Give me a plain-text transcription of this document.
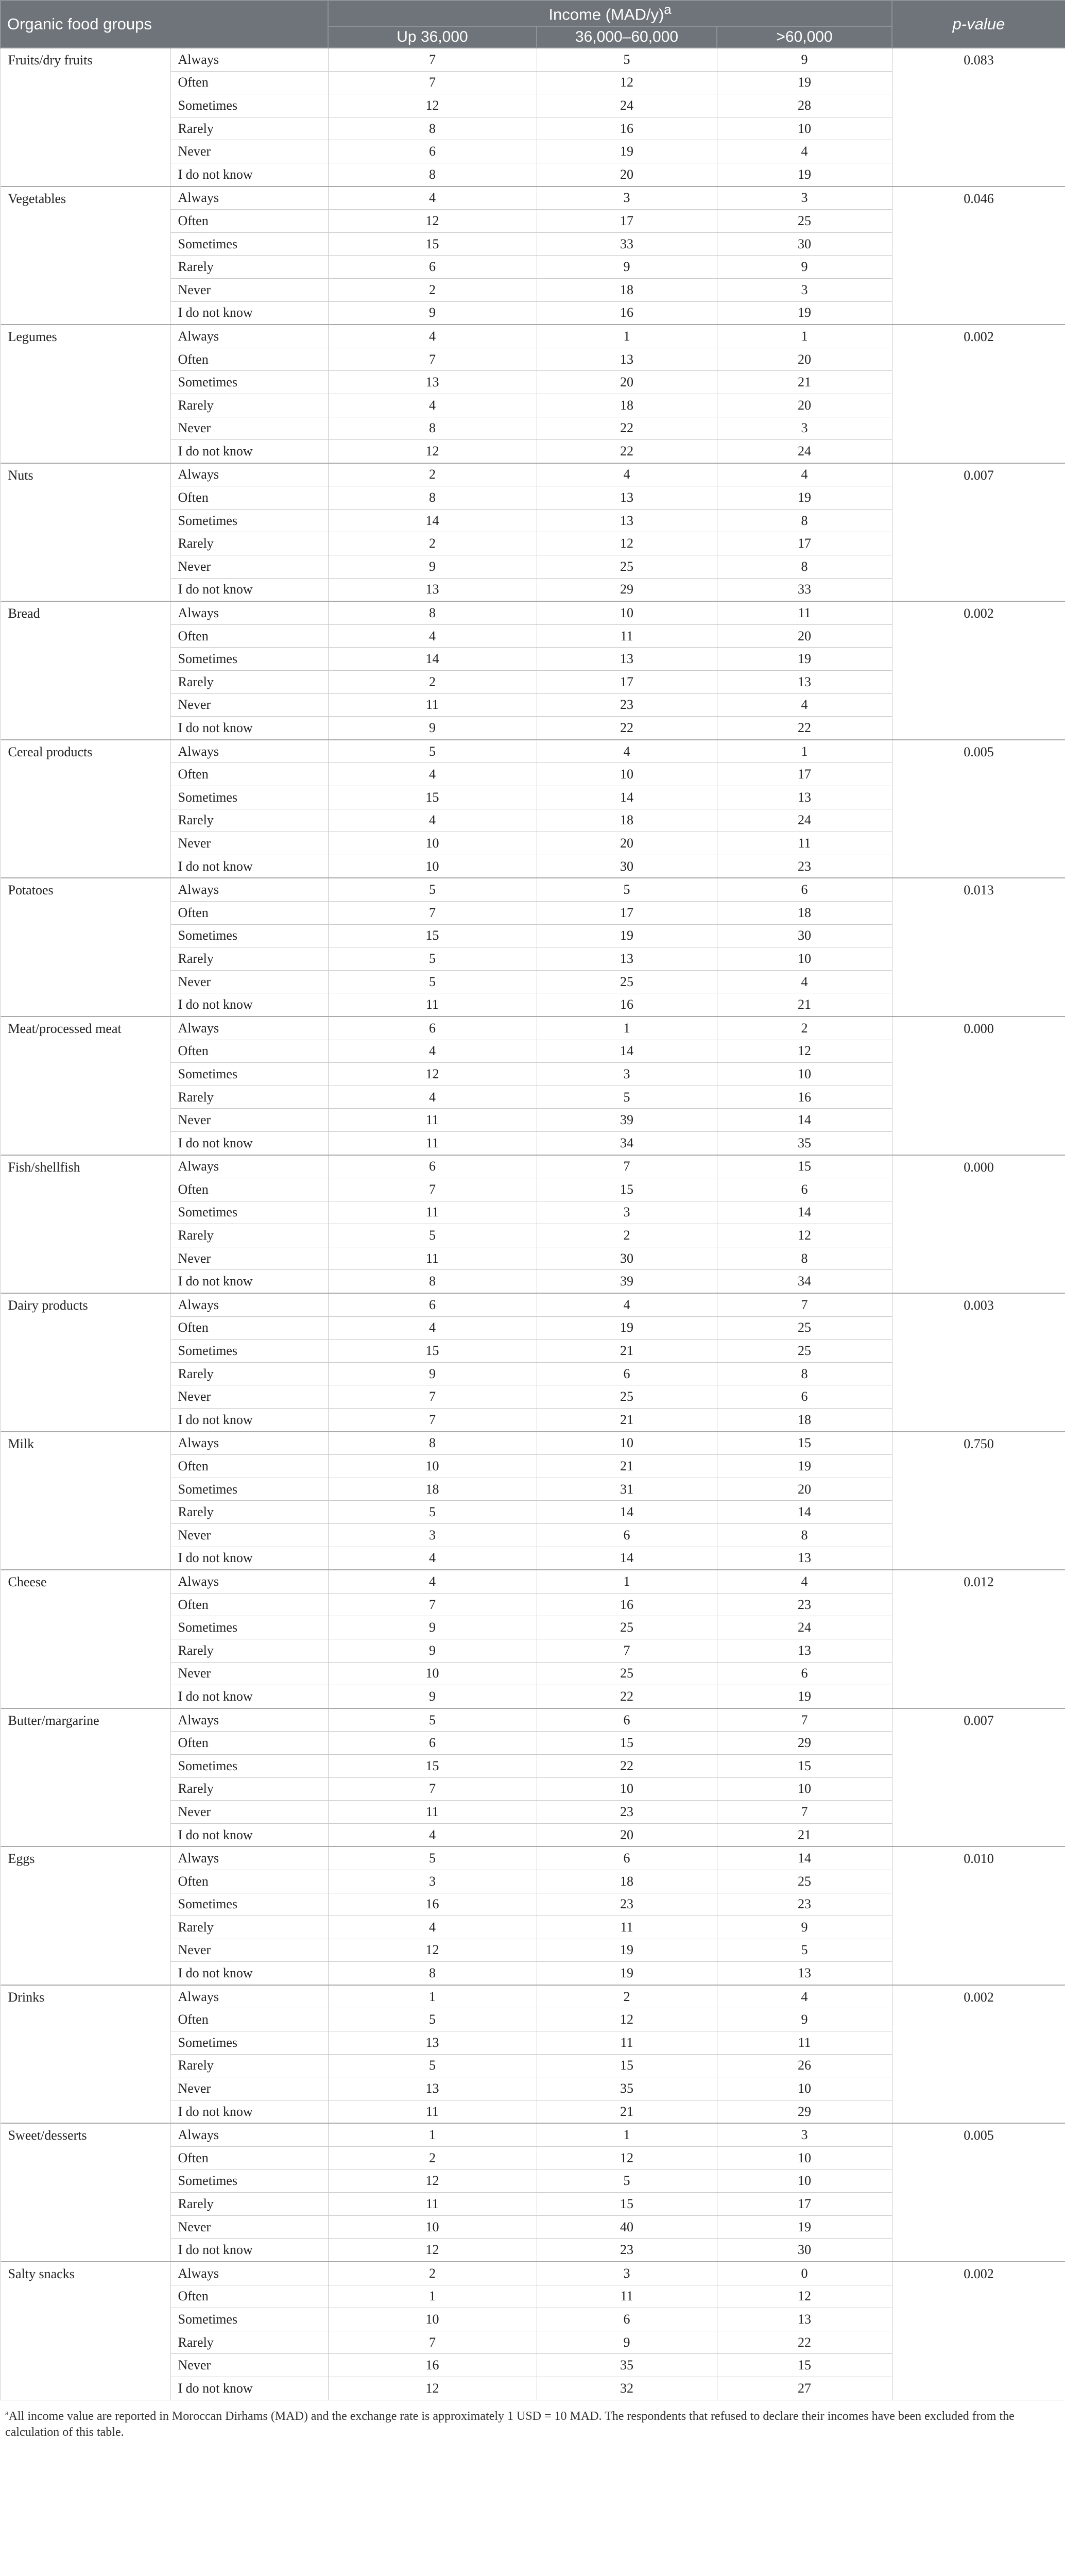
Organic food groups		Income $(MAD/y)^a$			p-value
		Up 36,000	36,000–60,000	>60,000	
Fruits/dry fruits	Always	7	5	9	0.083
	Often	7	12	19	
	Sometimes	12	24	28	
	Rarely	8	16	10	
	Never	6	19	4	
	I do not know	8	20	19	
Vegetables	Always	4	3	3	0.046
	Often	12	17	25	
	Sometimes	15	33	30	
	Rarely	6	9	9	
	Never	2	18	3	
	I do not know	9	16	19	
Legumes	Always	4	1	1	0.002
	Often	7	13	20	
	Sometimes	13	20	21	
	Rarely	4	18	20	
	Never	8	22	3	
	I do not know	12	22	24	
Nuts	Always	2	4	4	0.007
	Often	8	13	19	
	Sometimes	14	13	8	
	Rarely	2	12	17	
	Never	9	25	8	
	I do not know	13	29	33	
Bread	Always	8	10	11	0.002
	Often	4	11	20	
	Sometimes	14	13	19	
	Rarely	2	17	13	
	Never	11	23	4	
	I do not know	9	22	22	
Cereal products	Always	5	4	1	0.005
	Often	4	10	17	
	Sometimes	15	14	13	
	Rarely	4	18	24	
	Never	10	20	11	
	I do not know	10	30	23	
Potatoes	Always	5	5	6	0.013
	Often	7	17	18	
	Sometimes	15	19	30	
	Rarely	5	13	10	
	Never	5	25	4	
	I do not know	11	16	21	
Meat/processed meat	Always	6	1	2	0.000
	Often	4	14	12	
	Sometimes	12	3	10	
	Rarely	4	5	16	
	Never	11	39	14	
	I do not know	11	34	35	
Fish/shellfish	Always	6	7	15	0.000
	Often	7	15	6	
	Sometimes	11	3	14	
	Rarely	5	2	12	
	Never	11	30	8	
	I do not know	8	39	34	
Dairy products	Always	6	4	7	0.003
	Often	4	19	25	
	Sometimes	15	21	25	
	Rarely	9	6	8	
	Never	7	25	6	
	I do not know	7	21	18	
Milk	Always	8	10	15	0.750
	Often	10	21	19	
	Sometimes	18	31	20	
	Rarely	5	14	14	
	Never	3	6	8	
	I do not know	4	14	13	
Cheese	Always	4	1	4	0.012
	Often	7	16	23	
	Sometimes	9	25	24	
	Rarely	9	7	13	
	Never	10	25	6	
	I do not know	9	22	19	
Butter/margarine	Always	5	6	7	0.007
	Often	6	15	29	
	Sometimes	15	22	15	
	Rarely	7	10	10	
	Never	11	23	7	
	I do not know	4	20	21	
Eggs	Always	5	6	14	0.010
	Often	3	18	25	
	Sometimes	16	23	23	
	Rarely	4	11	9	
	Never	12	19	5	
	I do not know	8	19	13	
Drinks	Always	1	2	4	0.002
	Often	5	12	9	
	Sometimes	13	11	11	
	Rarely	5	15	26	
	Never	13	35	10	
	I do not know	11	21	29	
Sweet/desserts	Always	1	1	3	0.005
	Often	2	12	10	
	Sometimes	12	5	10	
	Rarely	11	15	17	
	Never	10	40	19	
	I do not know	12	23	30	
Salty snacks	Always	2	3	0	0.002
	Often	1	11	12	
	Sometimes	10	6	13	
	Rarely	7	9	22	
	Never	16	35	15	
	I do not know	12	32	27	
$^a$All income value are reported in Moroccan Dirhams (MAD) and the exchange rate is approximately 1 USD = 10 MAD. The respondents that refused to declare their incomes have been excluded from the calculation of this table.
